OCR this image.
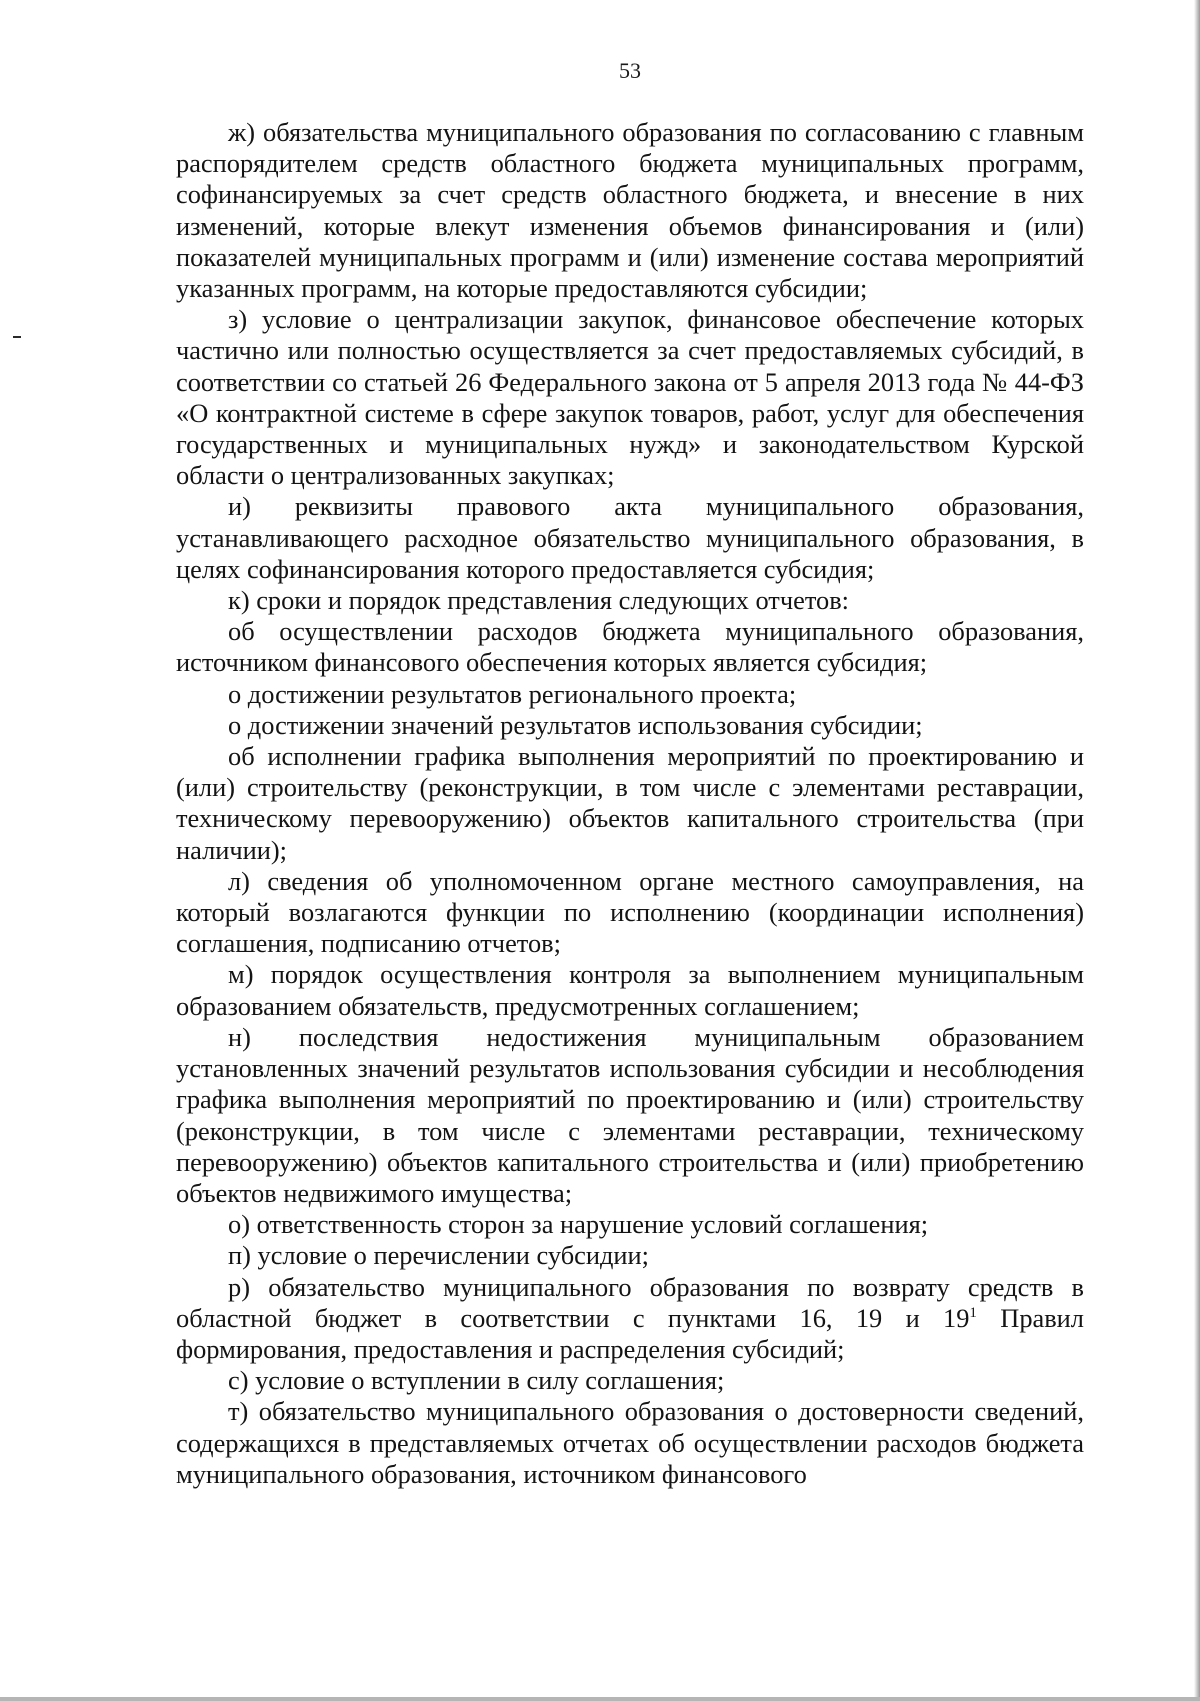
53

ж) обязательства муниципального образования по согласованию с главным распорядителем средств областного бюджета муниципальных программ, софинансируемых за счет средств областного бюджета, и внесение в них изменений, которые влекут изменения объемов финансирования и (или) показателей муниципальных программ и (или) изменение состава мероприятий указанных программ, на которые предоставляются субсидии;

з) условие о централизации закупок, финансовое обеспечение которых частично или полностью осуществляется за счет предоставляемых субсидий, в соответствии со статьей 26 Федерального закона от 5 апреля 2013 года № 44-ФЗ «О контрактной системе в сфере закупок товаров, работ, услуг для обеспечения государственных и муниципальных нужд» и законодательством Курской области о централизованных закупках;

и) реквизиты правового акта муниципального образования, устанавливающего расходное обязательство муниципального образования, в целях софинансирования которого предоставляется субсидия;

к) сроки и порядок представления следующих отчетов:

об осуществлении расходов бюджета муниципального образования, источником финансового обеспечения которых является субсидия;

о достижении результатов регионального проекта;

о достижении значений результатов использования субсидии;

об исполнении графика выполнения мероприятий по проектированию и (или) строительству (реконструкции, в том числе с элементами реставрации, техническому перевооружению) объектов капитального строительства (при наличии);

л) сведения об уполномоченном органе местного самоуправления, на который возлагаются функции по исполнению (координации исполнения) соглашения, подписанию отчетов;

м) порядок осуществления контроля за выполнением муниципальным образованием обязательств, предусмотренных соглашением;

н) последствия недостижения муниципальным образованием установленных значений результатов использования субсидии и несоблюдения графика выполнения мероприятий по проектированию и (или) строительству (реконструкции, в том числе с элементами реставрации, техническому перевооружению) объектов капитального строительства и (или) приобретению объектов недвижимого имущества;

о) ответственность сторон за нарушение условий соглашения;

п) условие о перечислении субсидии;

р) обязательство муниципального образования по возврату средств в областной бюджет в соответствии с пунктами 16, 19 и $19^1$ Правил формирования, предоставления и распределения субсидий;

с) условие о вступлении в силу соглашения;

т) обязательство муниципального образования о достоверности сведений, содержащихся в представляемых отчетах об осуществлении расходов бюджета муниципального образования, источником финансового
